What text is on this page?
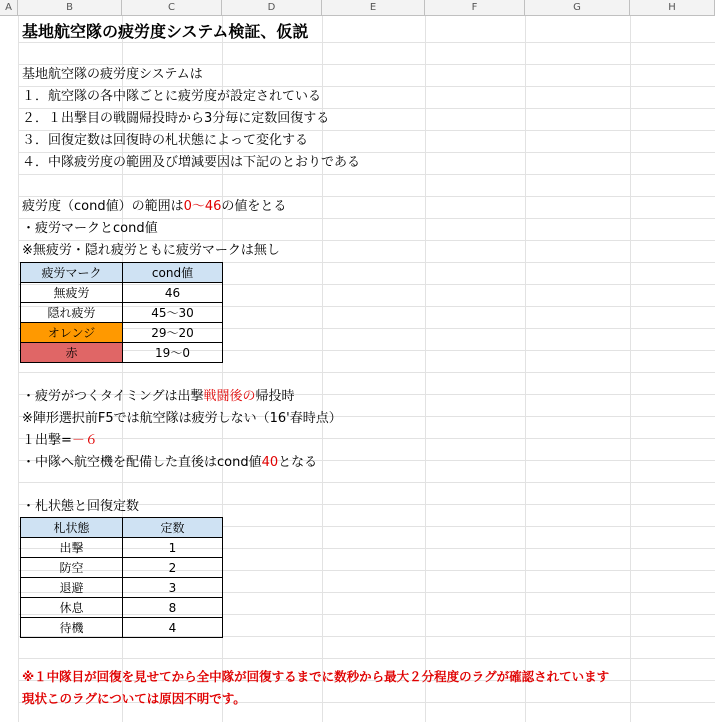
A	B	C	D	E	F	G	H
基地航空隊の疲労度システム検証、仮説
基地航空隊の疲労度システムは
１．航空隊の各中隊ごとに疲労度が設定されている
２．１出撃目の戦闘帰投時から3分毎に定数回復する
３．回復定数は回復時の札状態によって変化する
４．中隊疲労度の範囲及び増減要因は下記のとおりである
疲労度（cond値）の範囲は0～46の値をとる
・疲労マークとcond値
※無疲労・隠れ疲労ともに疲労マークは無し
疲労マーク	cond値
無疲労	46
隠れ疲労	45～30
オレンジ	29～20
赤	19～0
・疲労がつくタイミングは出撃戦闘後の帰投時
※陣形選択前F5では航空隊は疲労しない（16'春時点）
１出撃=－６
・中隊へ航空機を配備した直後はcond値40となる
・札状態と回復定数
札状態	定数
出撃	1
防空	2
退避	3
休息	8
待機	4
※１中隊目が回復を見せてから全中隊が回復するまでに数秒から最大２分程度のラグが確認されています
現状このラグについては原因不明です。
